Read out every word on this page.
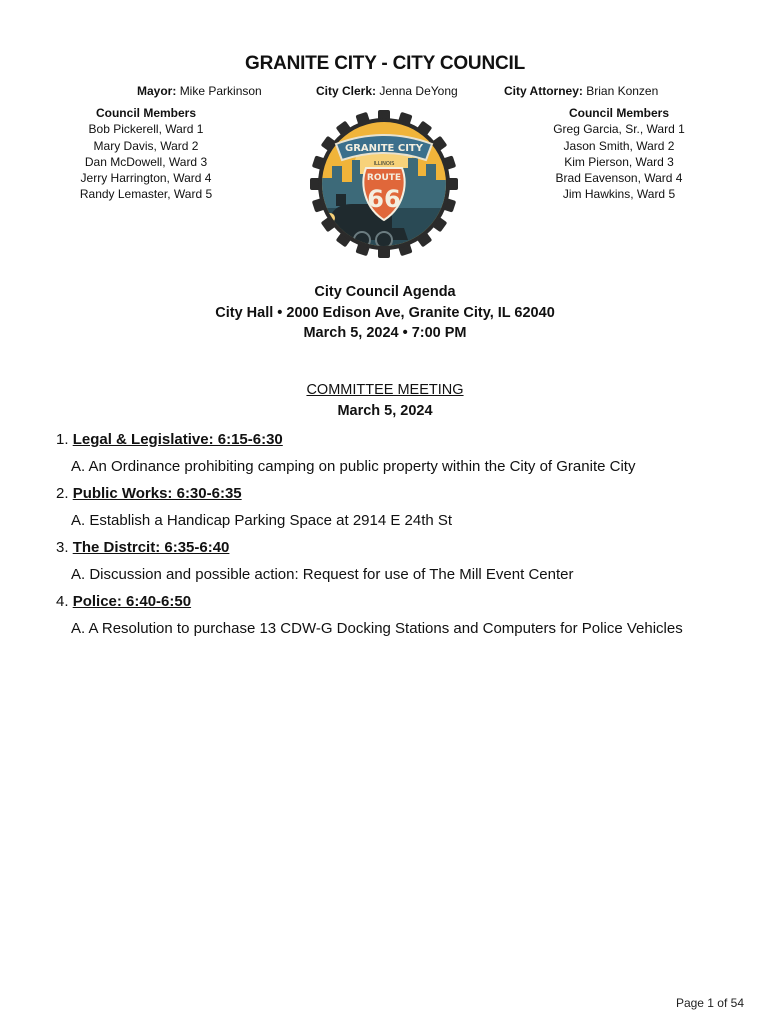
GRANITE CITY - CITY COUNCIL
Mayor: Mike Parkinson	City Clerk: Jenna DeYong	City Attorney: Brian Konzen
Council Members
Bob Pickerell, Ward 1
Mary Davis, Ward 2
Dan McDowell, Ward 3
Jerry Harrington, Ward 4
Randy Lemaster, Ward 5
Council Members
Greg Garcia, Sr., Ward 1
Jason Smith, Ward 2
Kim Pierson, Ward 3
Brad Eavenson, Ward 4
Jim Hawkins, Ward 5
GRANITE CITY
ILLINOIS
ROUTE
66
City Council Agenda
City Hall • 2000 Edison Ave, Granite City, IL 62040
March 5, 2024 • 7:00 PM
COMMITTEE MEETING
March 5, 2024
1. Legal & Legislative: 6:15-6:30
A. An Ordinance prohibiting camping on public property within the City of Granite City
2. Public Works: 6:30-6:35
A. Establish a Handicap Parking Space at 2914 E 24th St
3. The Distrcit: 6:35-6:40
A. Discussion and possible action: Request for use of The Mill Event Center
4. Police: 6:40-6:50
A. A Resolution to purchase 13 CDW-G Docking Stations and Computers for Police Vehicles
Page 1 of 54
